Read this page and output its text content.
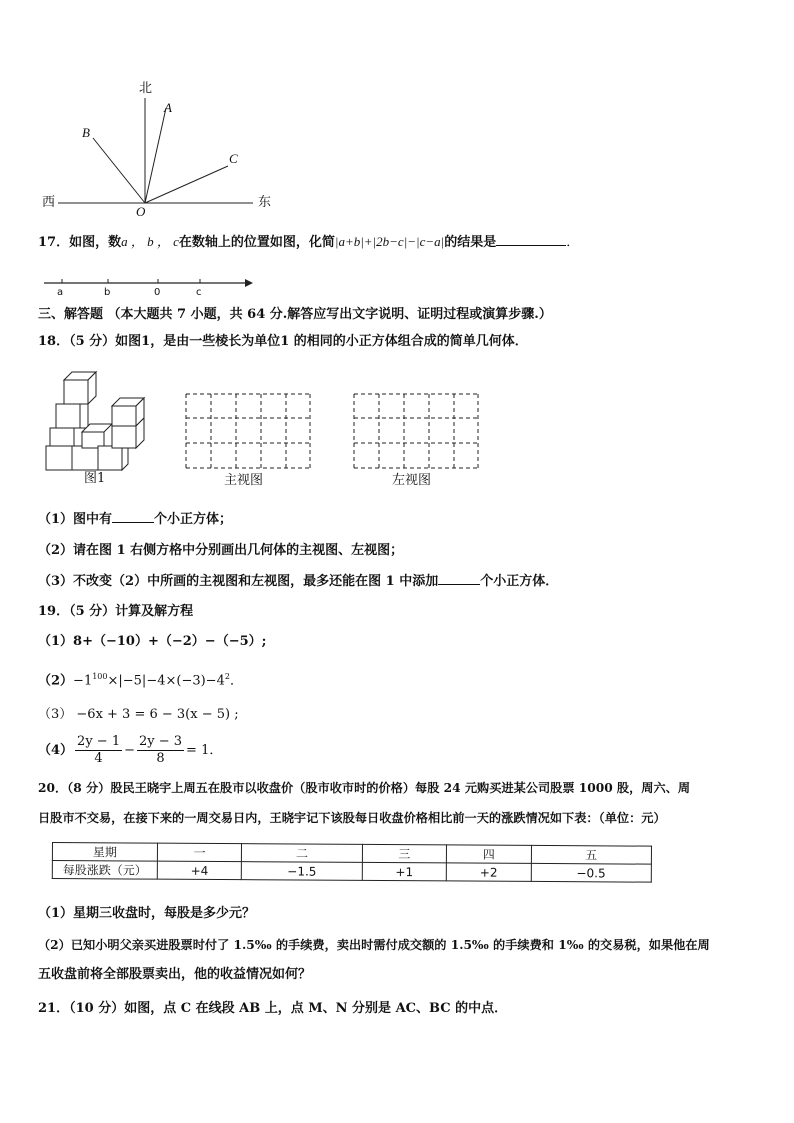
北
A
B
C
西	东
O
17．如图，数a ， b ， c在数轴上的位置如图，化简|a+b|+|2b−c|−|c−a|的结果是	．
a	b	0	c
三、解答题 （本大题共 7 小题，共 64 分.解答应写出文字说明、证明过程或演算步骤.）
18．（5 分）如图1，是由一些棱长为单位1 的相同的小正方体组合成的简单几何体．
图1	主视图	左视图
（1）图中有	个小正方体；
（2）请在图 1 右侧方格中分别画出几何体的主视图、左视图；
（3）不改变（2）中所画的主视图和左视图，最多还能在图 1 中添加	个小正方体．
19．（5 分）计算及解方程
（1）8+（−10）+（−2）−（−5）;
$(2)-1^{100}\times|-5|-4\times(-3)-4^2$．
（3） −6x + 3 = 6 − 3(x − 5) ;
$(4) \frac{2y - 1}{4} - \frac{2y - 3}{8} = 1$．
20．（8 分）股民王晓宇上周五在股市以收盘价（股市收市时的价格）每股 24 元购买进某公司股票 1000 股，周六、周
日股市不交易，在接下来的一周交易日内，王晓宇记下该股每日收盘价格相比前一天的涨跌情况如下表：（单位：元）
星期	一	二	三	四	五
每股涨跌（元）	+4	−1.5	+1	+2	−0.5
（1）星期三收盘时，每股是多少元？
（2）已知小明父亲买进股票时付了 1.5‰ 的手续费，卖出时需付成交额的 1.5‰ 的手续费和 1‰ 的交易税，如果他在周
五收盘前将全部股票卖出，他的收益情况如何？
21．（10 分）如图，点 C 在线段 AB 上，点 M、N 分别是 AC、BC 的中点．
